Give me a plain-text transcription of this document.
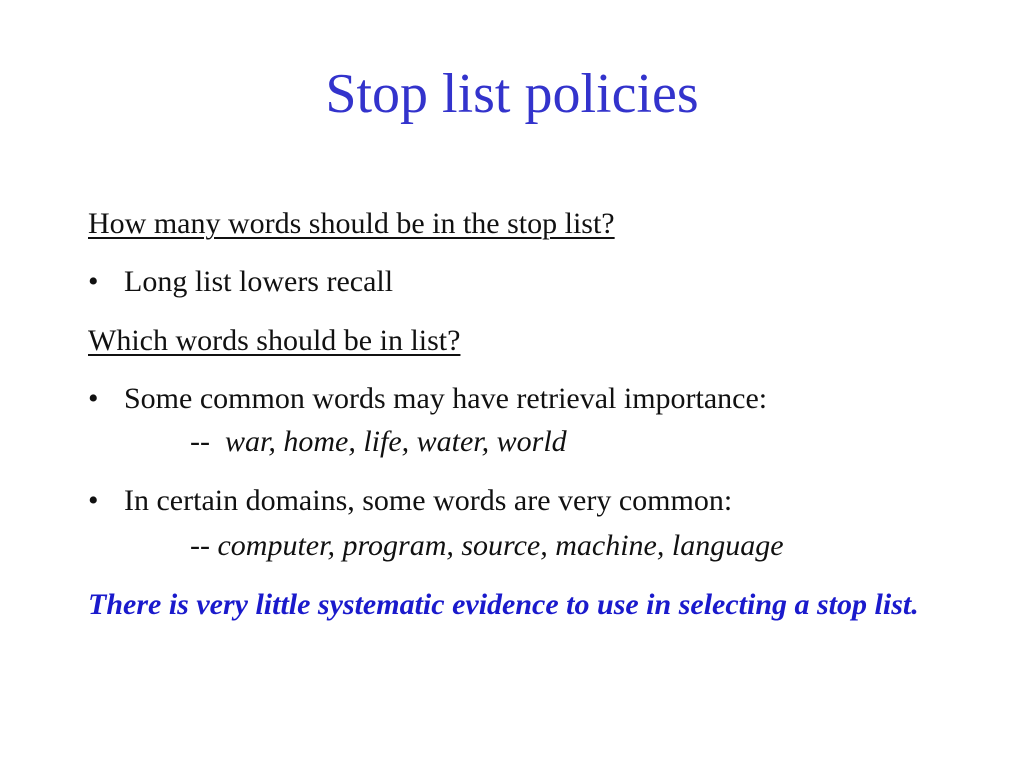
Stop list policies
How many words should be in the stop list?
• Long list lowers recall
Which words should be in list?
• Some common words may have retrieval importance:
-- war, home, life, water, world
• In certain domains, some words are very common:
-- computer, program, source, machine, language
There is very little systematic evidence to use in selecting a stop list.
